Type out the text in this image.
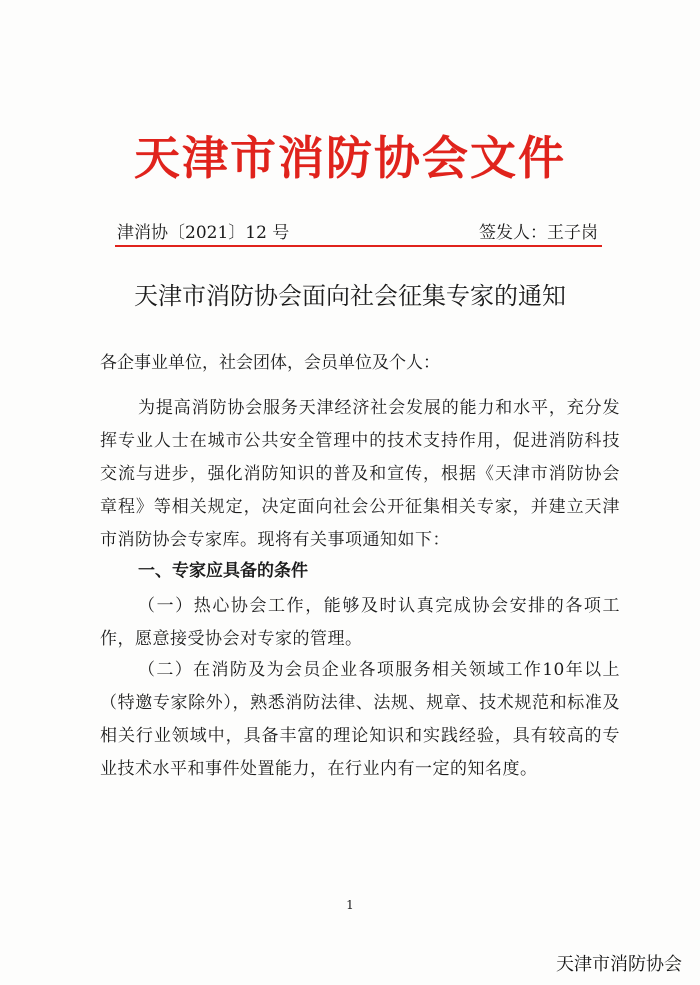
天津市消防协会文件
津消协〔2021〕12 号	签发人：王子岗
天津市消防协会面向社会征集专家的通知
各企事业单位，社会团体，会员单位及个人：
为提高消防协会服务天津经济社会发展的能力和水平，充分发挥专业人士在城市公共安全管理中的技术支持作用，促进消防科技交流与进步，强化消防知识的普及和宣传，根据《天津市消防协会章程》等相关规定，决定面向社会公开征集相关专家，并建立天津市消防协会专家库。现将有关事项通知如下：
一、专家应具备的条件
（一）热心协会工作，能够及时认真完成协会安排的各项工作，愿意接受协会对专家的管理。
（二）在消防及为会员企业各项服务相关领域工作10年以上（特邀专家除外），熟悉消防法律、法规、规章、技术规范和标准及相关行业领域中，具备丰富的理论知识和实践经验，具有较高的专业技术水平和事件处置能力，在行业内有一定的知名度。
1
天津市消防协会
